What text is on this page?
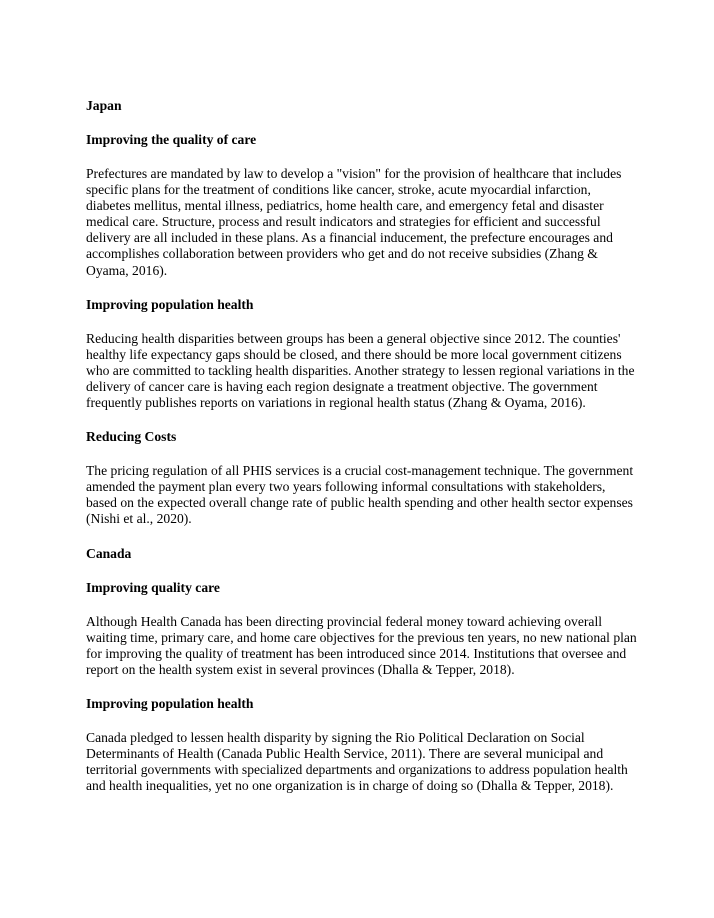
Japan
Improving the quality of care
Prefectures are mandated by law to develop a "vision" for the provision of healthcare that includes specific plans for the treatment of conditions like cancer, stroke, acute myocardial infarction, diabetes mellitus, mental illness, pediatrics, home health care, and emergency fetal and disaster medical care. Structure, process and result indicators and strategies for efficient and successful delivery are all included in these plans. As a financial inducement, the prefecture encourages and accomplishes collaboration between providers who get and do not receive subsidies (Zhang & Oyama, 2016).
Improving population health
Reducing health disparities between groups has been a general objective since 2012. The counties' healthy life expectancy gaps should be closed, and there should be more local government citizens who are committed to tackling health disparities. Another strategy to lessen regional variations in the delivery of cancer care is having each region designate a treatment objective. The government frequently publishes reports on variations in regional health status (Zhang & Oyama, 2016).
Reducing Costs
The pricing regulation of all PHIS services is a crucial cost-management technique. The government amended the payment plan every two years following informal consultations with stakeholders, based on the expected overall change rate of public health spending and other health sector expenses (Nishi et al., 2020).
Canada
Improving quality care
Although Health Canada has been directing provincial federal money toward achieving overall waiting time, primary care, and home care objectives for the previous ten years, no new national plan for improving the quality of treatment has been introduced since 2014. Institutions that oversee and report on the health system exist in several provinces (Dhalla & Tepper, 2018).
Improving population health
Canada pledged to lessen health disparity by signing the Rio Political Declaration on Social Determinants of Health (Canada Public Health Service, 2011). There are several municipal and territorial governments with specialized departments and organizations to address population health and health inequalities, yet no one organization is in charge of doing so (Dhalla & Tepper, 2018).
